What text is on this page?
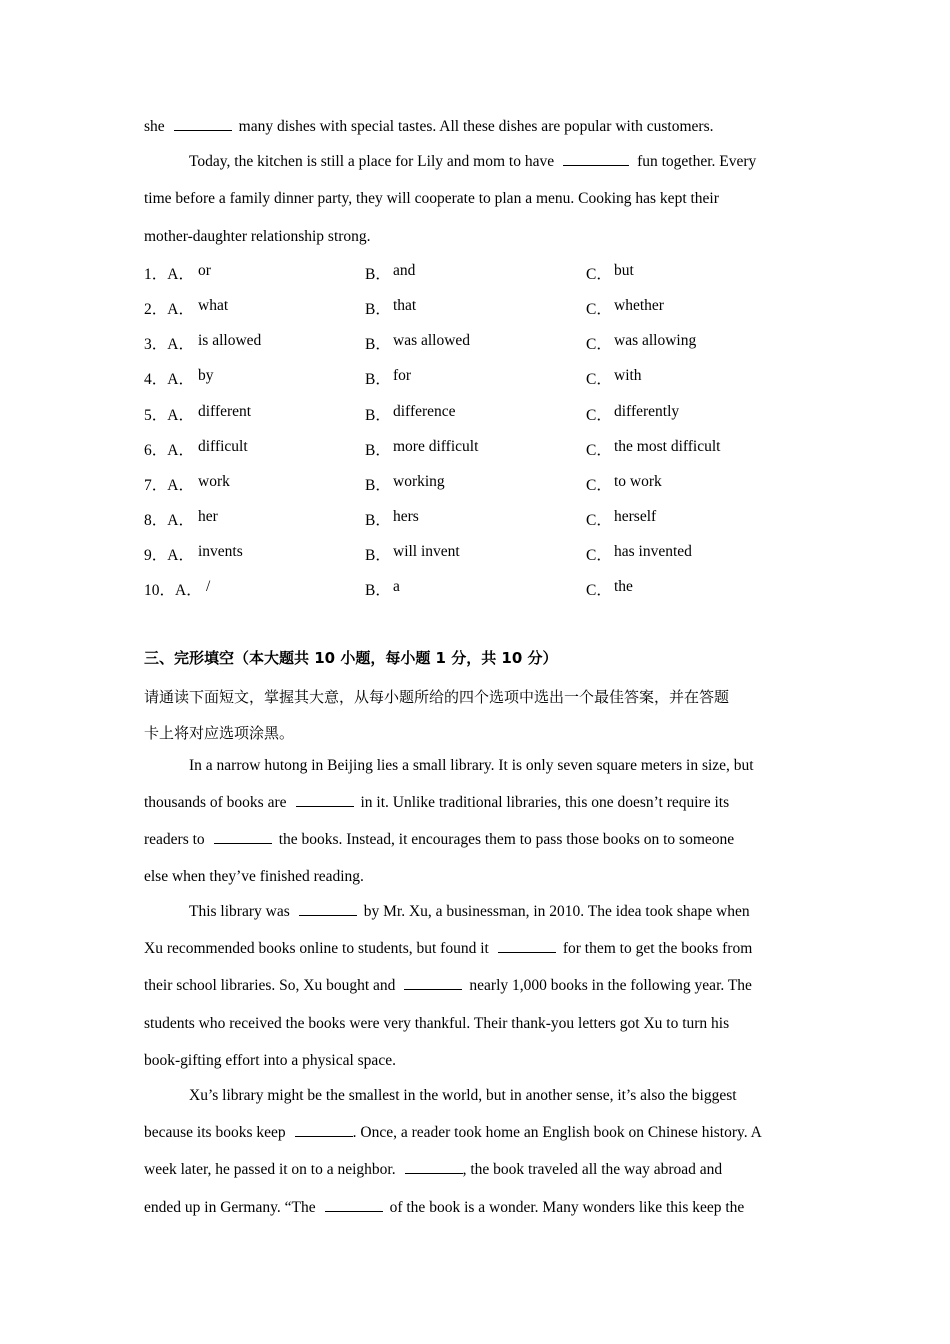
she	many dishes with special tastes. All these dishes are popular with customers.
Today, the kitchen is still a place for Lily and mom to have	fun together. Every
time before a family dinner party, they will cooperate to plan a menu. Cooking has kept their
mother-daughter relationship strong.
1．A． or	B． and	C． but
2．A． what	B． that	C． whether
3．A． is allowed	B． was allowed	C． was allowing
4．A． by	B． for	C． with
5．A． different	B． difference	C． differently
6．A． difficult	B． more difficult	C． the most difficult
7．A． work	B． working	C． to work
8．A． her	B． hers	C． herself
9．A． invents	B． will invent	C． has invented
10．A． /	B． a	C． the
三、完形填空（本大题共 10 小题，每小题 1 分，共 10 分）
请通读下面短文，掌握其大意，从每小题所给的四个选项中选出一个最佳答案，并在答题
卡上将对应选项涂黑。
In a narrow hutong in Beijing lies a small library. It is only seven square meters in size, but
thousands of books are	in it. Unlike traditional libraries, this one doesn’t require its
readers to	the books. Instead, it encourages them to pass those books on to someone
else when they’ve finished reading.
This library was	by Mr. Xu, a businessman, in 2010. The idea took shape when
Xu recommended books online to students, but found it	for them to get the books from
their school libraries. So, Xu bought and	nearly 1,000 books in the following year. The
students who received the books were very thankful. Their thank-you letters got Xu to turn his
book-gifting effort into a physical space.
Xu’s library might be the smallest in the world, but in another sense, it’s also the biggest
because its books keep	. Once, a reader took home an English book on Chinese history. A
week later, he passed it on to a neighbor.	, the book traveled all the way abroad and
ended up in Germany. “The	of the book is a wonder. Many wonders like this keep the
